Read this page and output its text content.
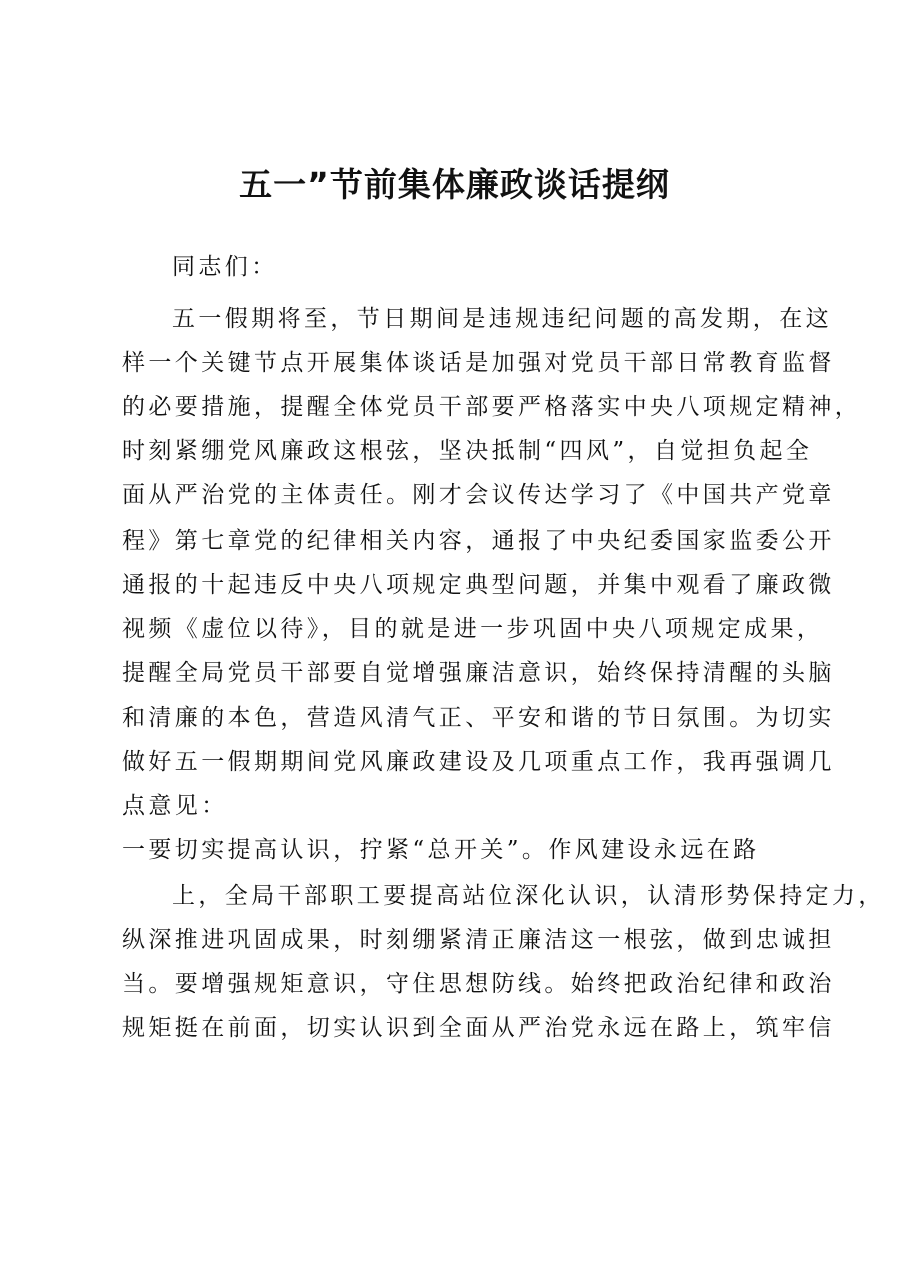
五一”节前集体廉政谈话提纲
同志们：
五一假期将至，节日期间是违规违纪问题的高发期，在这
样一个关键节点开展集体谈话是加强对党员干部日常教育监督
的必要措施，提醒全体党员干部要严格落实中央八项规定精神，
时刻紧绷党风廉政这根弦，坚决抵制“四风”，自觉担负起全
面从严治党的主体责任。刚才会议传达学习了《中国共产党章
程》第七章党的纪律相关内容，通报了中央纪委国家监委公开
通报的十起违反中央八项规定典型问题，并集中观看了廉政微
视频《虚位以待》，目的就是进一步巩固中央八项规定成果，
提醒全局党员干部要自觉增强廉洁意识，始终保持清醒的头脑
和清廉的本色，营造风清气正、平安和谐的节日氛围。为切实
做好五一假期期间党风廉政建设及几项重点工作，我再强调几
点意见：
一要切实提高认识，拧紧“总开关”。作风建设永远在路
上，全局干部职工要提高站位深化认识，认清形势保持定力，
纵深推进巩固成果，时刻绷紧清正廉洁这一根弦，做到忠诚担
当。要增强规矩意识，守住思想防线。始终把政治纪律和政治
规矩挺在前面，切实认识到全面从严治党永远在路上，筑牢信
